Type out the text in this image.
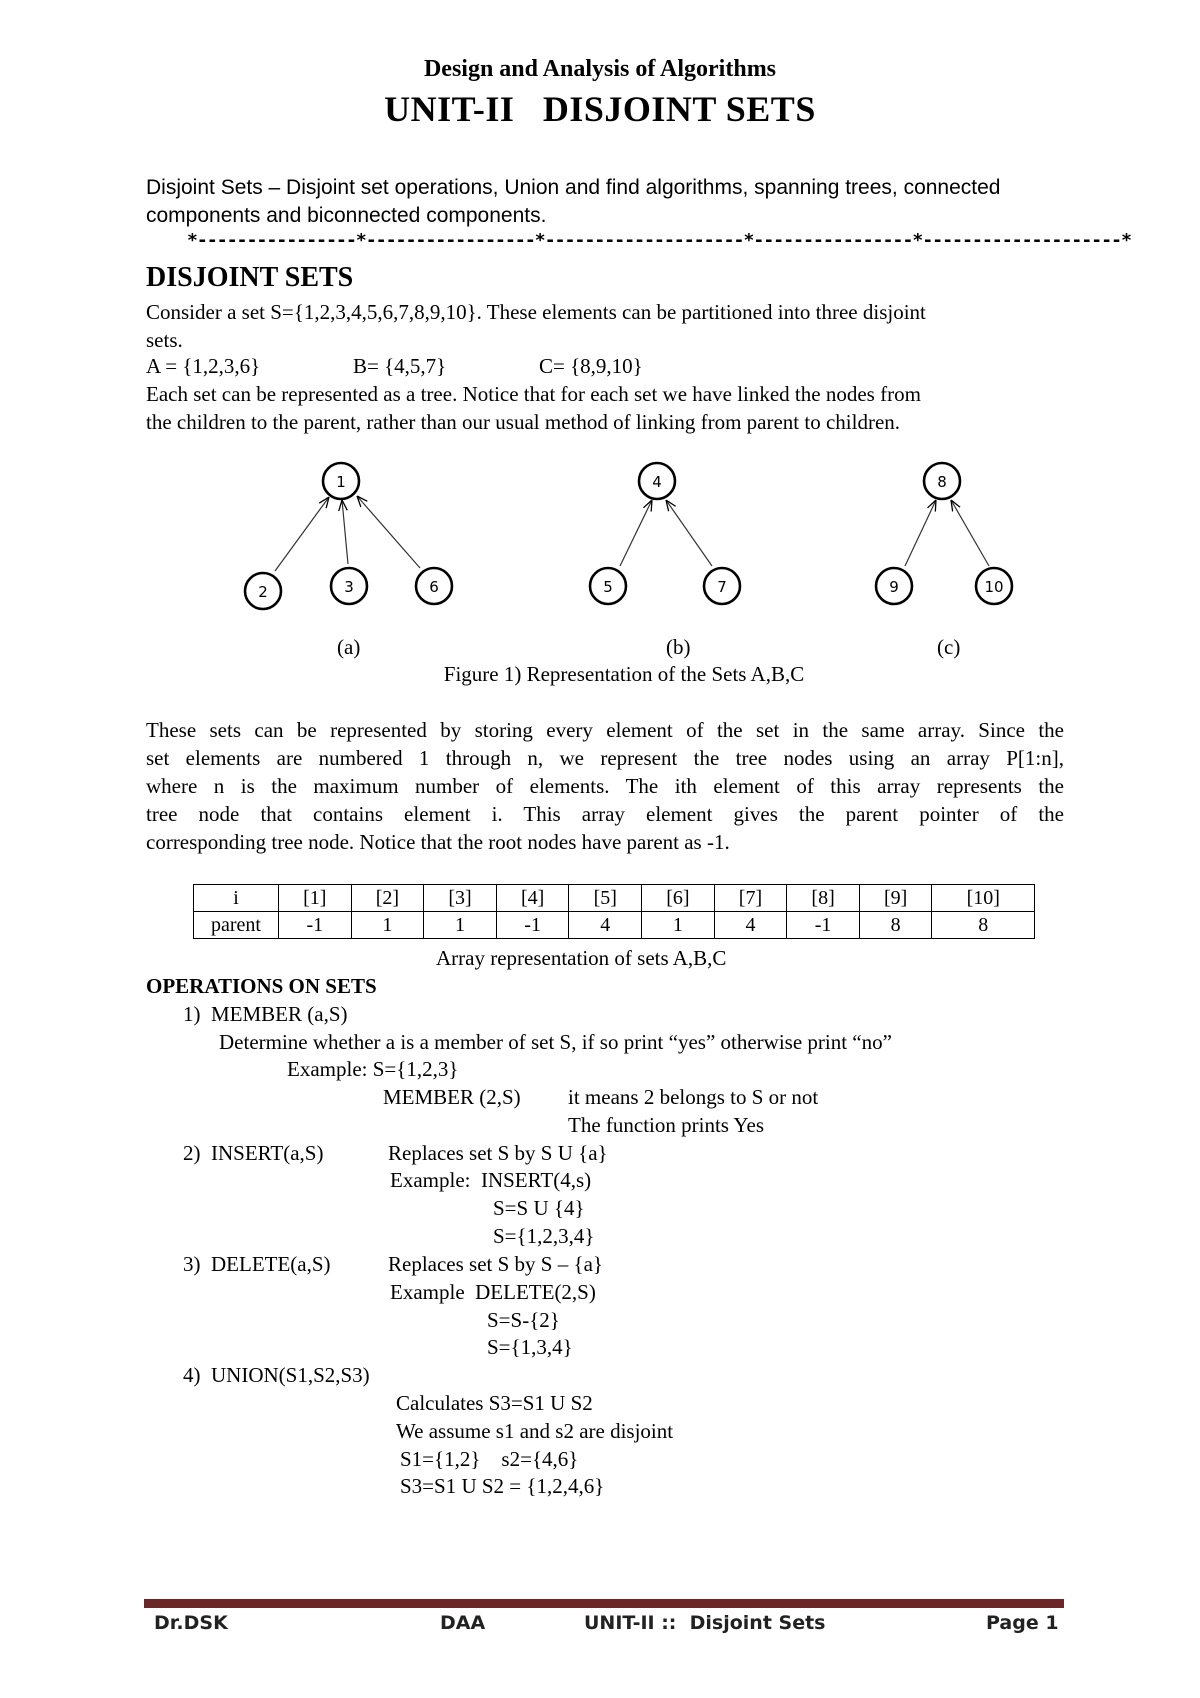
Design and Analysis of Algorithms
UNIT-II   DISJOINT SETS
Disjoint Sets – Disjoint set operations, Union and find algorithms, spanning trees, connected
components and biconnected components.
*----------------*-----------------*--------------------*----------------*--------------------*
DISJOINT SETS
Consider a set S={1,2,3,4,5,6,7,8,9,10}. These elements can be partitioned into three disjoint
sets.
A = {1,2,3,6}	B= {4,5,7}	C= {8,9,10}
Each set can be represented as a tree. Notice that for each set we have linked the nodes from
the children to the parent, rather than our usual method of linking from parent to children.
1
2	3	6
4
5	7
8
9	10
(a)	(b)	(c)
Figure 1) Representation of the Sets A,B,C
These sets can be represented by storing every element of the set in the same array. Since the
set elements are numbered 1 through n, we represent the tree nodes using an array P[1:n],
where n is the maximum number of elements. The ith element of this array represents the
tree node that contains element i. This array element gives the parent pointer of the
corresponding tree node. Notice that the root nodes have parent as -1.
i	[1]	[2]	[3]	[4]	[5]	[6]	[7]	[8]	[9]	[10]
parent	-1	1	1	-1	4	1	4	-1	8	8
Array representation of sets A,B,C
OPERATIONS ON SETS
1)  MEMBER (a,S)
Determine whether a is a member of set S, if so print “yes” otherwise print “no”
Example: S={1,2,3}
MEMBER (2,S) it means 2 belongs to S or not
The function prints Yes
2)  INSERT(a,S)	Replaces set S by S U {a}
Example:  INSERT(4,s)
S=S U {4}
S={1,2,3,4}
3)  DELETE(a,S)	Replaces set S by S – {a}
Example  DELETE(2,S)
S=S-{2}
S={1,3,4}
4)  UNION(S1,S2,S3)
Calculates S3=S1 U S2
We assume s1 and s2 are disjoint
S1={1,2}    s2={4,6}
S3=S1 U S2 = {1,2,4,6}
Dr.DSK	DAA	UNIT-II ::  Disjoint Sets	Page 1
